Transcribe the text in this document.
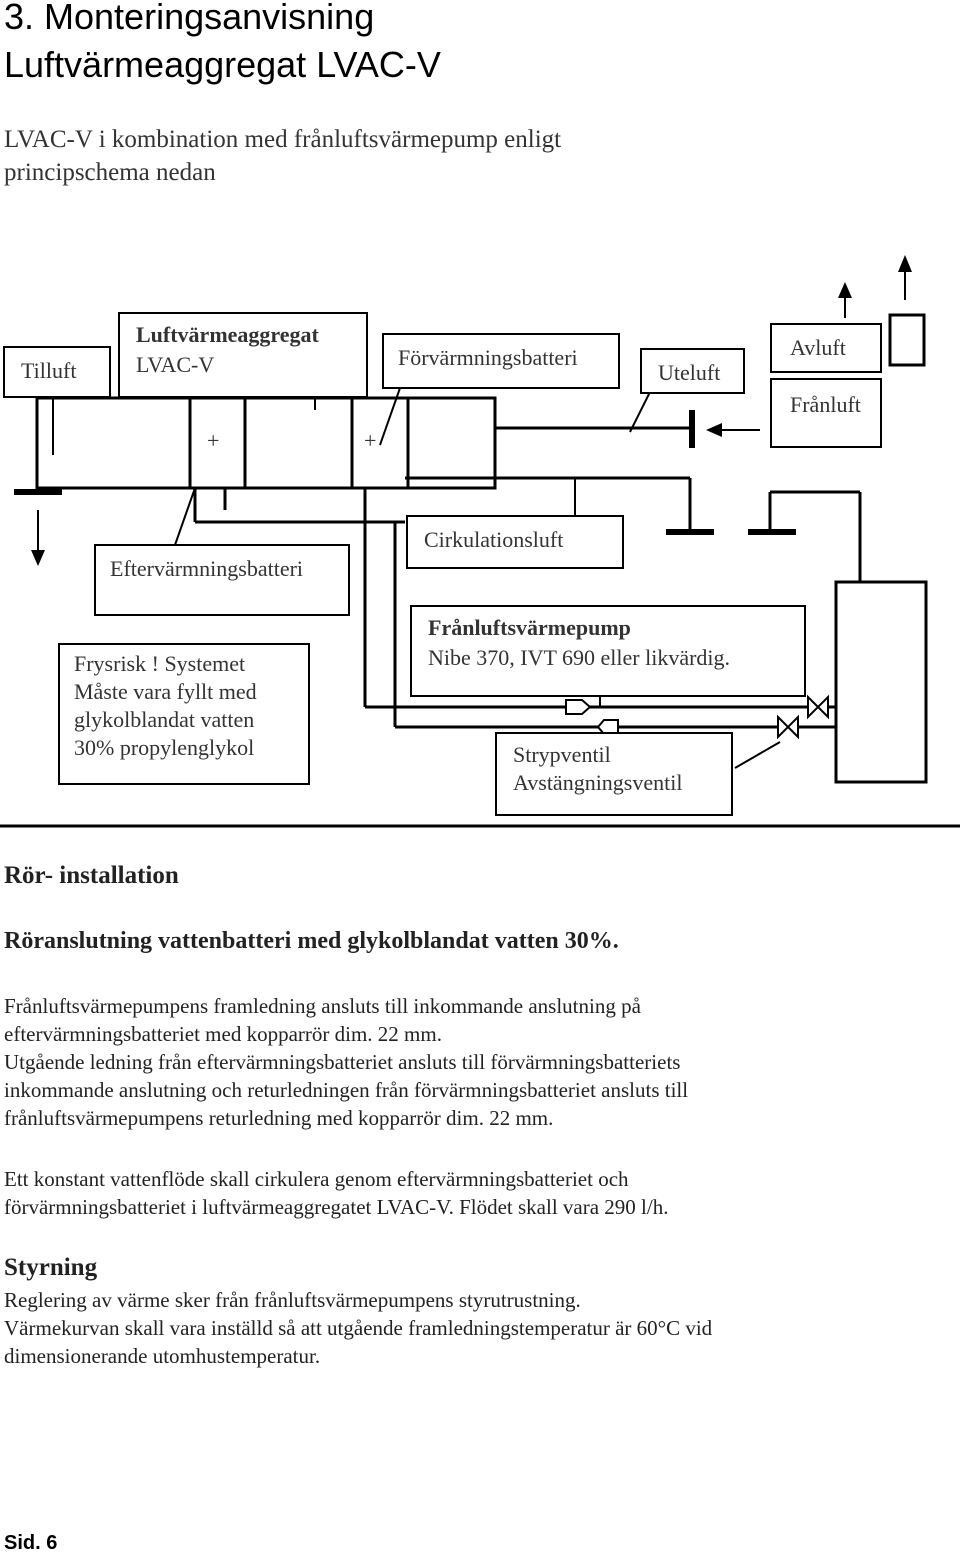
3. Monteringsanvisning
Luftvärmeaggregat LVAC-V
LVAC-V i kombination med frånluftsvärmepump enligt
principschema nedan
Tilluft
Luftvärmeaggregat
LVAC-V	Förvärmningsbatteri
Uteluft
Avluft
Frånluft
+	+
Eftervärmningsbatteri
Cirkulationsluft
Frysrisk ! Systemet
Måste vara fyllt med
glykolblandat vatten
30% propylenglykol
Frånluftsvärmepump
Nibe 370, IVT 690 eller likvärdig.
Strypventil
Avstängningsventil
Rör- installation
Röranslutning vattenbatteri med glykolblandat vatten 30%.
Frånluftsvärmepumpens framledning ansluts till inkommande anslutning på
eftervärmningsbatteriet med kopparrör dim. 22 mm.
Utgående ledning från eftervärmningsbatteriet ansluts till förvärmningsbatteriets
inkommande anslutning och returledningen från förvärmningsbatteriet ansluts till
frånluftsvärmepumpens returledning med kopparrör dim. 22 mm.
Ett konstant vattenflöde skall cirkulera genom eftervärmningsbatteriet och
förvärmningsbatteriet i luftvärmeaggregatet LVAC-V. Flödet skall vara 290 l/h.
Styrning
Reglering av värme sker från frånluftsvärmepumpens styrutrustning.
Värmekurvan skall vara inställd så att utgående framledningstemperatur är 60°C vid
dimensionerande utomhustemperatur.
Sid. 6
